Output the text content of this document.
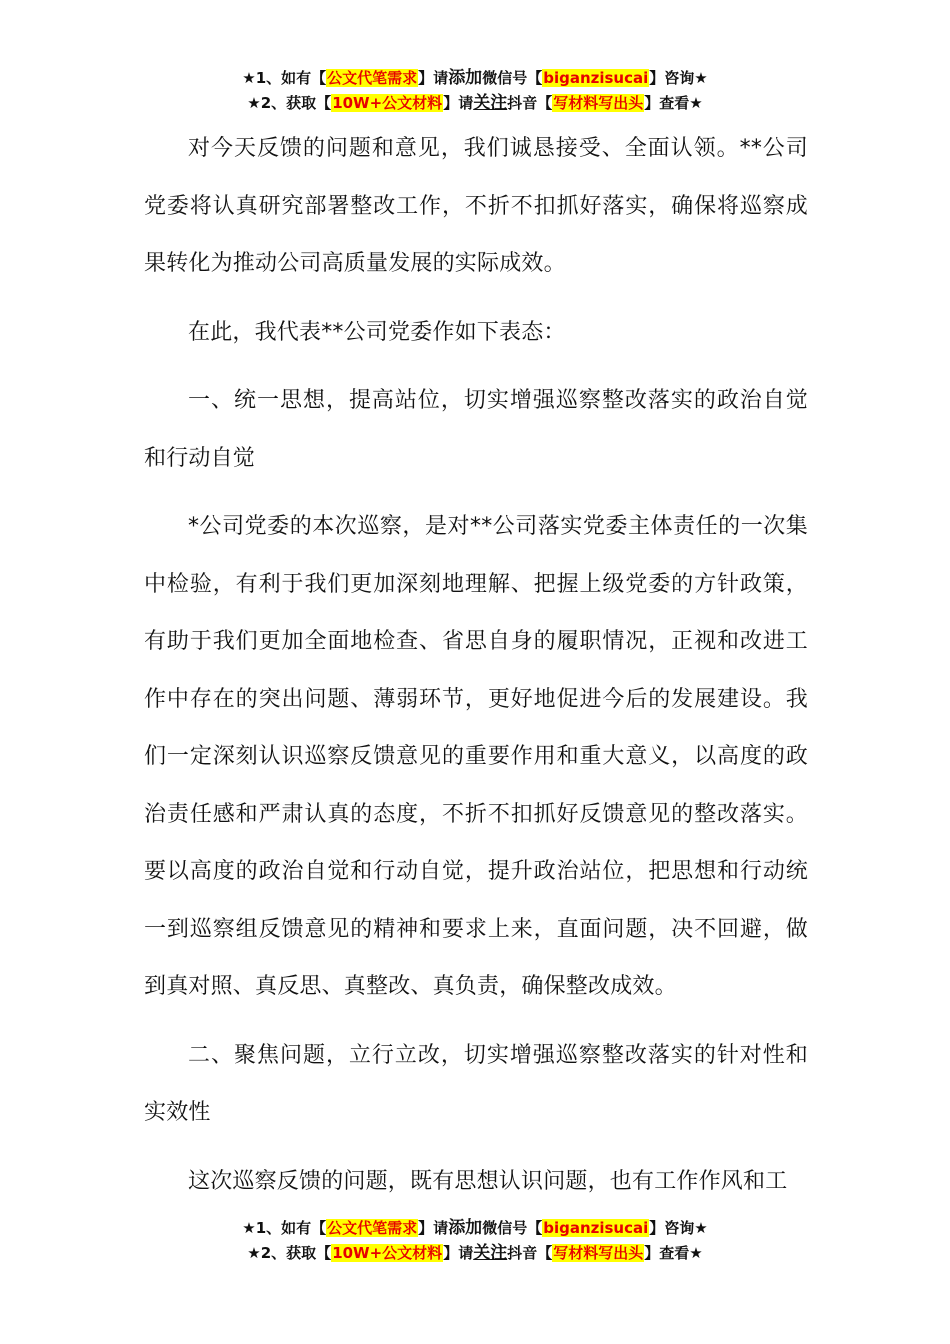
★1、如有【公文代笔需求】请添加微信号【biganzisucai】咨询★
★2、获取【10W+公文材料】请关注抖音【写材料写出头】查看★

对今天反馈的问题和意见，我们诚恳接受、全面认领。**公司党委将认真研究部署整改工作，不折不扣抓好落实，确保将巡察成果转化为推动公司高质量发展的实际成效。

在此，我代表**公司党委作如下表态：

一、统一思想，提高站位，切实增强巡察整改落实的政治自觉和行动自觉

*公司党委的本次巡察，是对**公司落实党委主体责任的一次集中检验，有利于我们更加深刻地理解、把握上级党委的方针政策，有助于我们更加全面地检查、省思自身的履职情况，正视和改进工作中存在的突出问题、薄弱环节，更好地促进今后的发展建设。我们一定深刻认识巡察反馈意见的重要作用和重大意义，以高度的政治责任感和严肃认真的态度，不折不扣抓好反馈意见的整改落实。要以高度的政治自觉和行动自觉，提升政治站位，把思想和行动统一到巡察组反馈意见的精神和要求上来，直面问题，决不回避，做到真对照、真反思、真整改、真负责，确保整改成效。

二、聚焦问题，立行立改，切实增强巡察整改落实的针对性和实效性

这次巡察反馈的问题，既有思想认识问题，也有工作作风和工

★1、如有【公文代笔需求】请添加微信号【biganzisucai】咨询★
★2、获取【10W+公文材料】请关注抖音【写材料写出头】查看★
